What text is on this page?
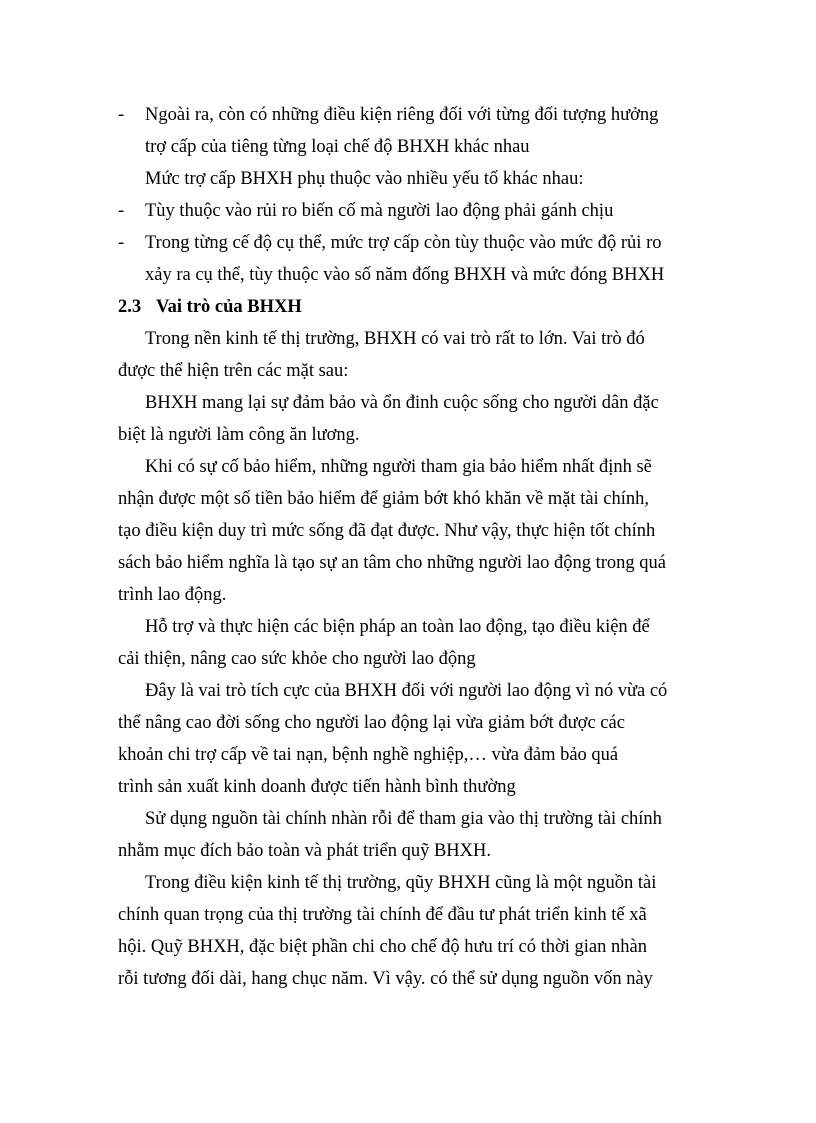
- Ngoài ra, còn có những điều kiện riêng đối với từng đối tượng hưởng
trợ cấp của tiêng từng loại chế độ BHXH khác nhau
Mức trợ cấp BHXH phụ thuộc vào nhiều yếu tố khác nhau:
- Tùy thuộc vào rủi ro biến cố mà người lao động phải gánh chịu
- Trong từng cế độ cụ thể, mức trợ cấp còn tùy thuộc vào mức độ rủi ro
xảy ra cụ thể, tùy thuộc vào số năm đống BHXH và mức đóng BHXH
2.3 Vai trò của BHXH
Trong nền kinh tế thị trường, BHXH có vai trò rất to lớn. Vai trò đó
được thể hiện trên các mặt sau:
BHXH mang lại sự đảm bảo và ổn đinh cuộc sống cho người dân đặc
biệt là người làm công ăn lương.
Khi có sự cố bảo hiểm, những người tham gia bảo hiểm nhất định sẽ
nhận được một số tiền bảo hiểm để giảm bớt khó khăn về mặt tài chính,
tạo điều kiện duy trì mức sống đã đạt được. Như vậy, thực hiện tốt chính
sách bảo hiểm nghĩa là tạo sự an tâm cho những người lao động trong quá
trình lao động.
Hỗ trợ và thực hiện các biện pháp an toàn lao động, tạo điều kiện để
cải thiện, nâng cao sức khỏe cho người lao động
Đây là vai trò tích cực của BHXH đối với người lao động vì nó vừa có
thể nâng cao đời sống cho người lao động lại vừa giảm bớt được các
khoản chi trợ cấp về tai nạn, bệnh nghề nghiệp,… vừa đảm bảo quá
trình sản xuất kinh doanh được tiến hành bình thường
Sử dụng nguồn tài chính nhàn rỗi để tham gia vào thị trường tài chính
nhằm mục đích bảo toàn và phát triển quỹ BHXH.
Trong điều kiện kinh tế thị trường, qũy BHXH cũng là một nguồn tài
chính quan trọng của thị trường tài chính để đầu tư phát triển kinh tế xã
hội. Quỹ BHXH, đặc biệt phần chi cho chế độ hưu trí có thời gian nhàn
rỗi tương đối dài, hang chục năm. Vì vậy. có thể sử dụng nguồn vốn này
